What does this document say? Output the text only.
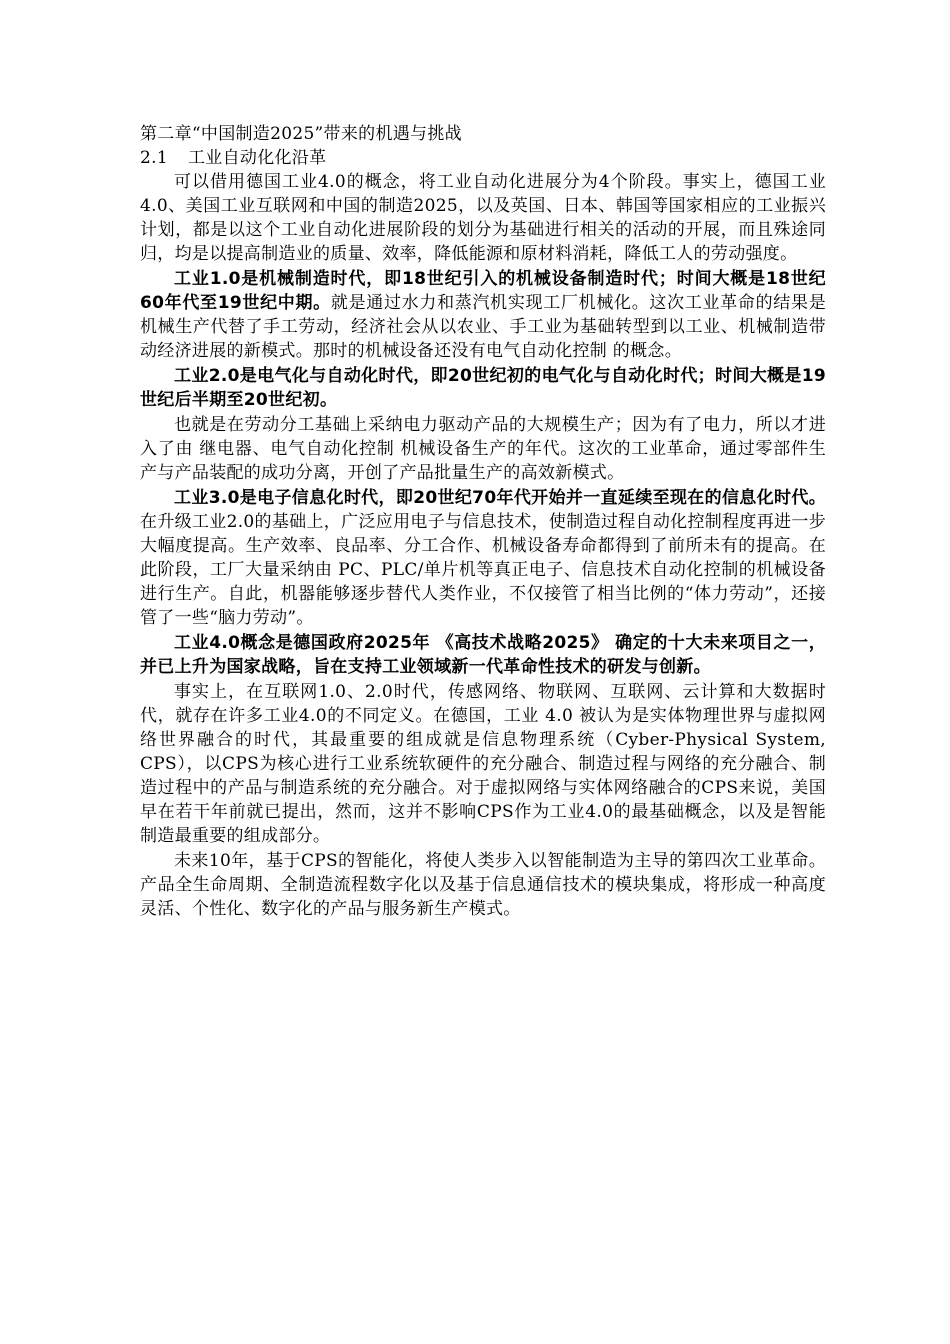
第二章“中国制造2025”带来的机遇与挑战
2.1 工业自动化化沿革

可以借用德国工业4.0的概念，将工业自动化进展分为4个阶段。事实上，德国工业4.0、美国工业互联网和中国的制造2025，以及英国、日本、韩国等国家相应的工业振兴计划，都是以这个工业自动化进展阶段的划分为基础进行相关的活动的开展，而且殊途同归，均是以提高制造业的质量、效率，降低能源和原材料消耗，降低工人的劳动强度。

工业1.0是机械制造时代，即18世纪引入的机械设备制造时代；时间大概是18世纪60年代至19世纪中期。就是通过水力和蒸汽机实现工厂机械化。这次工业革命的结果是机械生产代替了手工劳动，经济社会从以农业、手工业为基础转型到以工业、机械制造带动经济进展的新模式。那时的机械设备还没有电气自动化控制 的概念。

工业2.0是电气化与自动化时代，即20世纪初的电气化与自动化时代；时间大概是19世纪后半期至20世纪初。

也就是在劳动分工基础上采纳电力驱动产品的大规模生产；因为有了电力，所以才进入了由 继电器、电气自动化控制 机械设备生产的年代。这次的工业革命，通过零部件生产与产品装配的成功分离，开创了产品批量生产的高效新模式。

工业3.0是电子信息化时代，即20世纪70年代开始并一直延续至现在的信息化时代。在升级工业2.0的基础上，广泛应用电子与信息技术，使制造过程自动化控制程度再进一步大幅度提高。生产效率、良品率、分工合作、机械设备寿命都得到了前所未有的提高。在此阶段，工厂大量采纳由 PC、PLC/单片机等真正电子、信息技术自动化控制的机械设备进行生产。自此，机器能够逐步替代人类作业，不仅接管了相当比例的“体力劳动”，还接管了一些“脑力劳动”。

工业4.0概念是德国政府2025年 《高技术战略2025》 确定的十大未来项目之一，并已上升为国家战略，旨在支持工业领域新一代革命性技术的研发与创新。

事实上，在互联网1.0、2.0时代，传感网络、物联网、互联网、云计算和大数据时代，就存在许多工业4.0的不同定义。在德国，工业 4.0 被认为是实体物理世界与虚拟网络世界融合的时代，其最重要的组成就是信息物理系统（Cyber-Physical System, CPS），以CPS为核心进行工业系统软硬件的充分融合、制造过程与网络的充分融合、制造过程中的产品与制造系统的充分融合。对于虚拟网络与实体网络融合的CPS来说，美国早在若干年前就已提出，然而，这并不影响CPS作为工业4.0的最基础概念，以及是智能制造最重要的组成部分。

未来10年，基于CPS的智能化，将使人类步入以智能制造为主导的第四次工业革命。产品全生命周期、全制造流程数字化以及基于信息通信技术的模块集成，将形成一种高度灵活、个性化、数字化的产品与服务新生产模式。
